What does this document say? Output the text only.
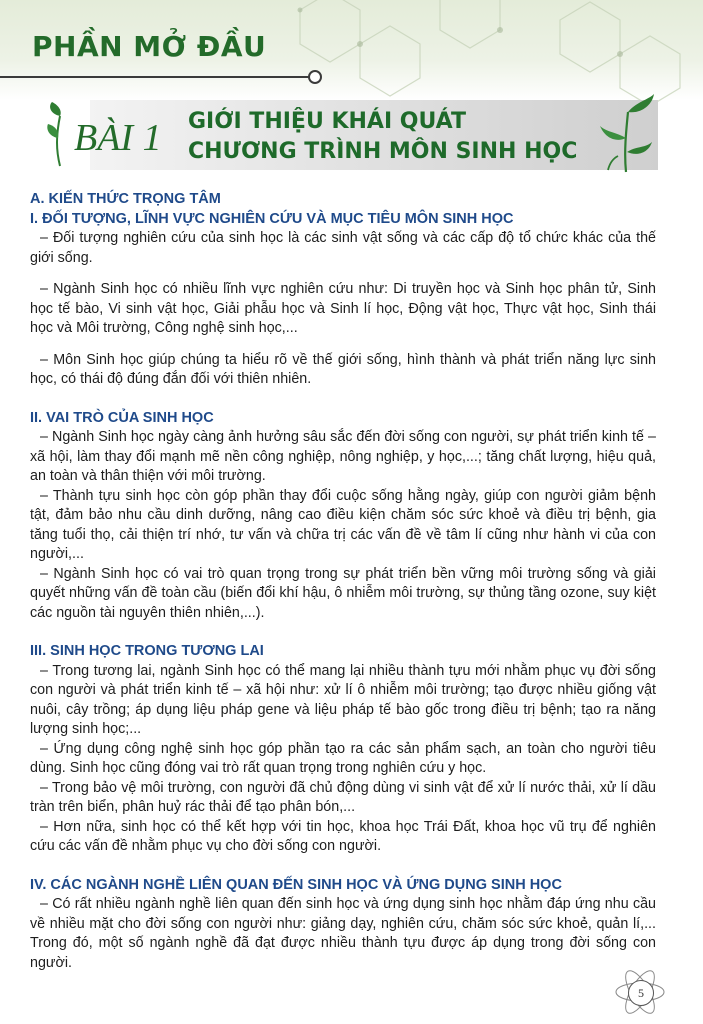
PHẦN MỞ ĐẦU
BÀI 1 GIỚI THIỆU KHÁI QUÁT
CHƯƠNG TRÌNH MÔN SINH HỌC

A. KIẾN THỨC TRỌNG TÂM

I. ĐỐI TƯỢNG, LĨNH VỰC NGHIÊN CỨU VÀ MỤC TIÊU MÔN SINH HỌC

– Đối tượng nghiên cứu của sinh học là các sinh vật sống và các cấp độ tổ chức khác của thế giới sống.

– Ngành Sinh học có nhiều lĩnh vực nghiên cứu như: Di truyền học và Sinh học phân tử, Sinh học tế bào, Vi sinh vật học, Giải phẫu học và Sinh lí học, Động vật học, Thực vật học, Sinh thái học và Môi trường, Công nghệ sinh học,...

– Môn Sinh học giúp chúng ta hiểu rõ về thế giới sống, hình thành và phát triển năng lực sinh học, có thái độ đúng đắn đối với thiên nhiên.

II. VAI TRÒ CỦA SINH HỌC

– Ngành Sinh học ngày càng ảnh hưởng sâu sắc đến đời sống con người, sự phát triển kinh tế – xã hội, làm thay đổi mạnh mẽ nền công nghiệp, nông nghiệp, y học,...; tăng chất lượng, hiệu quả, an toàn và thân thiện với môi trường.

– Thành tựu sinh học còn góp phần thay đổi cuộc sống hằng ngày, giúp con người giảm bệnh tật, đảm bảo nhu cầu dinh dưỡng, nâng cao điều kiện chăm sóc sức khoẻ và điều trị bệnh, gia tăng tuổi thọ, cải thiện trí nhớ, tư vấn và chữa trị các vấn đề về tâm lí cũng như hành vi của con người,...

– Ngành Sinh học có vai trò quan trọng trong sự phát triển bền vững môi trường sống và giải quyết những vấn đề toàn cầu (biến đổi khí hậu, ô nhiễm môi trường, sự thủng tầng ozone, suy kiệt các nguồn tài nguyên thiên nhiên,...).

III. SINH HỌC TRONG TƯƠNG LAI

– Trong tương lai, ngành Sinh học có thể mang lại nhiều thành tựu mới nhằm phục vụ đời sống con người và phát triển kinh tế – xã hội như: xử lí ô nhiễm môi trường; tạo được nhiều giống vật nuôi, cây trồng; áp dụng liệu pháp gene và liệu pháp tế bào gốc trong điều trị bệnh; tạo ra năng lượng sinh học;...

– Ứng dụng công nghệ sinh học góp phần tạo ra các sản phẩm sạch, an toàn cho người tiêu dùng. Sinh học cũng đóng vai trò rất quan trọng trong nghiên cứu y học.

– Trong bảo vệ môi trường, con người đã chủ động dùng vi sinh vật để xử lí nước thải, xử lí dầu tràn trên biển, phân huỷ rác thải để tạo phân bón,...

– Hơn nữa, sinh học có thể kết hợp với tin học, khoa học Trái Đất, khoa học vũ trụ để nghiên cứu các vấn đề nhằm phục vụ cho đời sống con người.

IV. CÁC NGÀNH NGHỀ LIÊN QUAN ĐẾN SINH HỌC VÀ ỨNG DỤNG SINH HỌC

– Có rất nhiều ngành nghề liên quan đến sinh học và ứng dụng sinh học nhằm đáp ứng nhu cầu về nhiều mặt cho đời sống con người như: giảng dạy, nghiên cứu, chăm sóc sức khoẻ, quản lí,... Trong đó, một số ngành nghề đã đạt được nhiều thành tựu được áp dụng trong đời sống con người.

5
